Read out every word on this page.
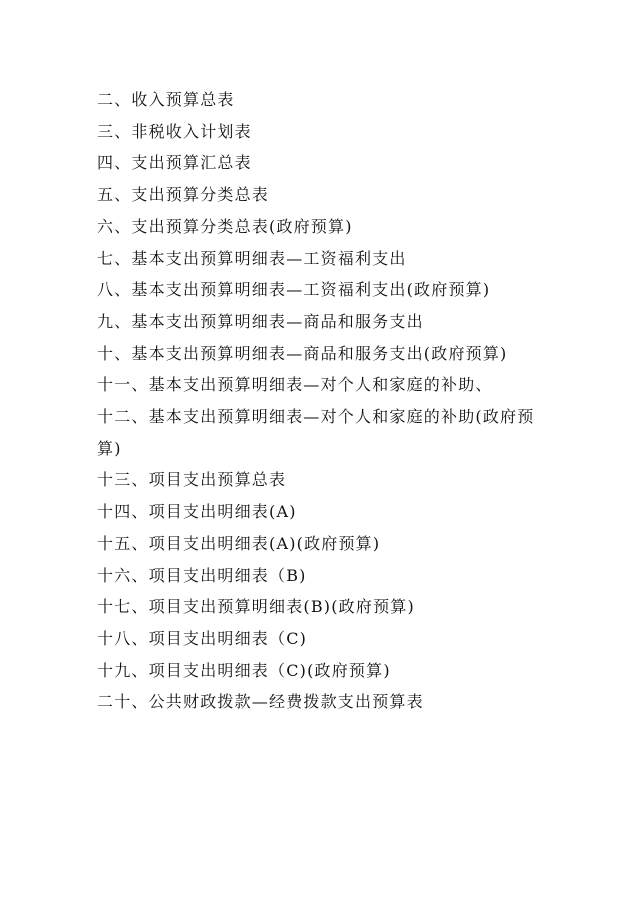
二、收入预算总表
三、非税收入计划表
四、支出预算汇总表
五、支出预算分类总表
六、支出预算分类总表(政府预算)
七、基本支出预算明细表—工资福利支出
八、基本支出预算明细表—工资福利支出(政府预算)
九、基本支出预算明细表—商品和服务支出
十、基本支出预算明细表—商品和服务支出(政府预算)
十一、基本支出预算明细表—对个人和家庭的补助、
十二、基本支出预算明细表—对个人和家庭的补助(政府预算)
十三、项目支出预算总表
十四、项目支出明细表(A)
十五、项目支出明细表(A)(政府预算)
十六、项目支出明细表（B)
十七、项目支出预算明细表(B)(政府预算)
十八、项目支出明细表（C)
十九、项目支出明细表（C)(政府预算)
二十、公共财政拨款—经费拨款支出预算表
